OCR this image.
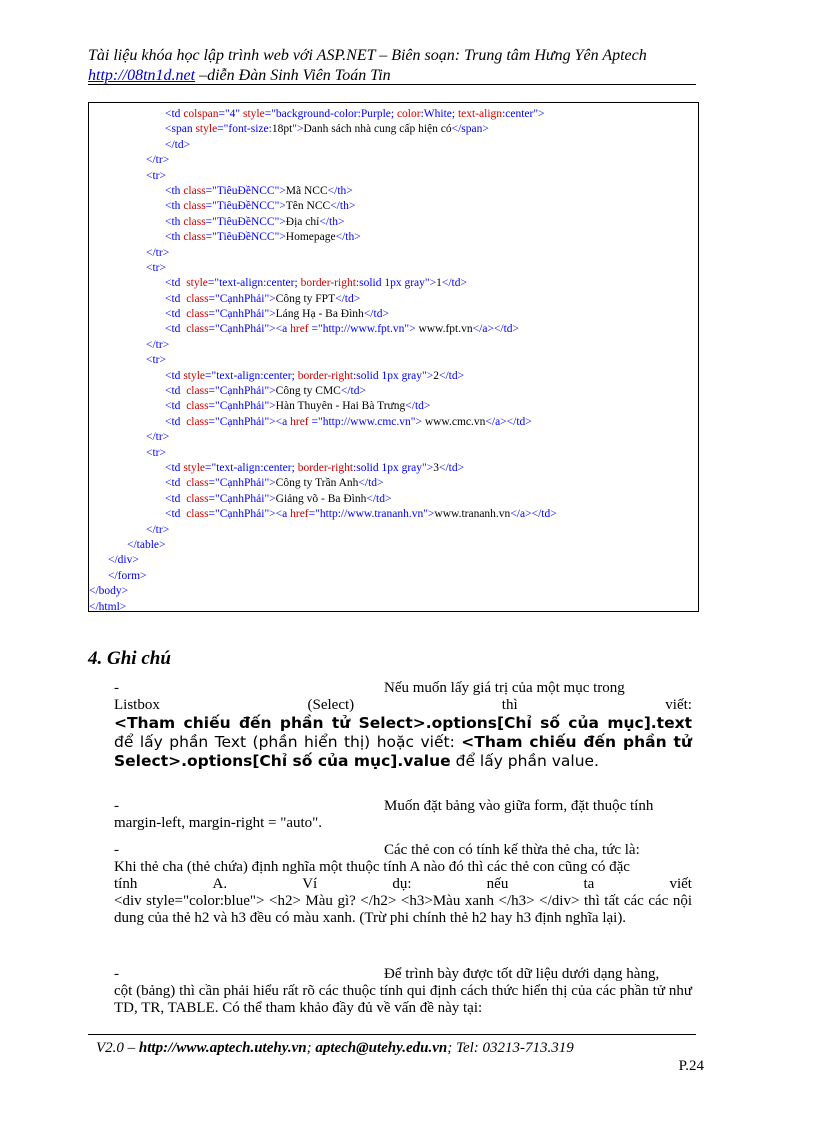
Tài liệu khóa học lập trình web với ASP.NET – Biên soạn: Trung tâm Hưng Yên Aptech
http://08tn1d.net –diễn Đàn Sinh Viên Toán Tin
<td colspan="4" style="background-color:Purple; color:White; text-align:center">
<span style="font-size:18pt">Danh sách nhà cung cấp hiện có</span>
</td>
</tr>
<tr>
<th class="TiêuĐềNCC">Mã NCC</th>
<th class="TiêuĐềNCC">Tên NCC</th>
<th class="TiêuĐềNCC">Địa chỉ</th>
<th class="TiêuĐềNCC">Homepage</th>
</tr>
<tr>
<td  style="text-align:center; border-right:solid 1px gray">1</td>
<td  class="CạnhPhải">Công ty FPT</td>
<td  class="CạnhPhải">Láng Hạ - Ba Đình</td>
<td  class="CạnhPhải"><a href ="http://www.fpt.vn"> www.fpt.vn</a></td>
</tr>
<tr>
<td style="text-align:center; border-right:solid 1px gray">2</td>
<td  class="CạnhPhải">Công ty CMC</td>
<td  class="CạnhPhải">Hàn Thuyên - Hai Bà Trưng</td>
<td  class="CạnhPhải"><a href ="http://www.cmc.vn"> www.cmc.vn</a></td>
</tr>
<tr>
<td style="text-align:center; border-right:solid 1px gray">3</td>
<td  class="CạnhPhải">Công ty Trần Anh</td>
<td  class="CạnhPhải">Giảng võ - Ba Đình</td>
<td  class="CạnhPhải"><a href="http://www.trananh.vn">www.trananh.vn</a></td>
</tr>
</table>
</div>
</form>
</body>
</html>
4. Ghi chú
-	Nếu muốn lấy giá trị của một mục trong
Listbox	(Select)	thì	viết:
<Tham chiếu đến phần tử Select>.options[Chỉ số của mục].text để lấy phần Text (phần hiển thị) hoặc viết: <Tham chiếu đến phần tử Select>.options[Chỉ số của mục].value để lấy phần value.
-	Muốn đặt bảng vào giữa form, đặt thuộc tính
margin-left, margin-right = "auto".
-	Các thẻ con có tính kế thừa thẻ cha, tức là:
Khi thẻ cha (thẻ chứa) định nghĩa một thuộc tính A nào đó thì các thẻ con cũng có đặc
tính	A.	Ví	dụ:	nếu	ta	viết
<div style="color:blue"> <h2> Màu gì? </h2> <h3>Màu xanh </h3> </div> thì tất các các nội dung của thẻ h2 và h3 đều có màu xanh. (Trừ phi chính thẻ h2 hay h3 định nghĩa lại).
-	Để trình bày được tốt dữ liệu dưới dạng hàng,
cột (bảng) thì cần phải hiểu rất rõ các thuộc tính qui định cách thức hiển thị của các phần tử như TD, TR, TABLE. Có thể tham khảo đầy đủ về vấn đề này tại:
V2.0 – http://www.aptech.utehy.vn; aptech@utehy.edu.vn; Tel: 03213-713.319
P.24
